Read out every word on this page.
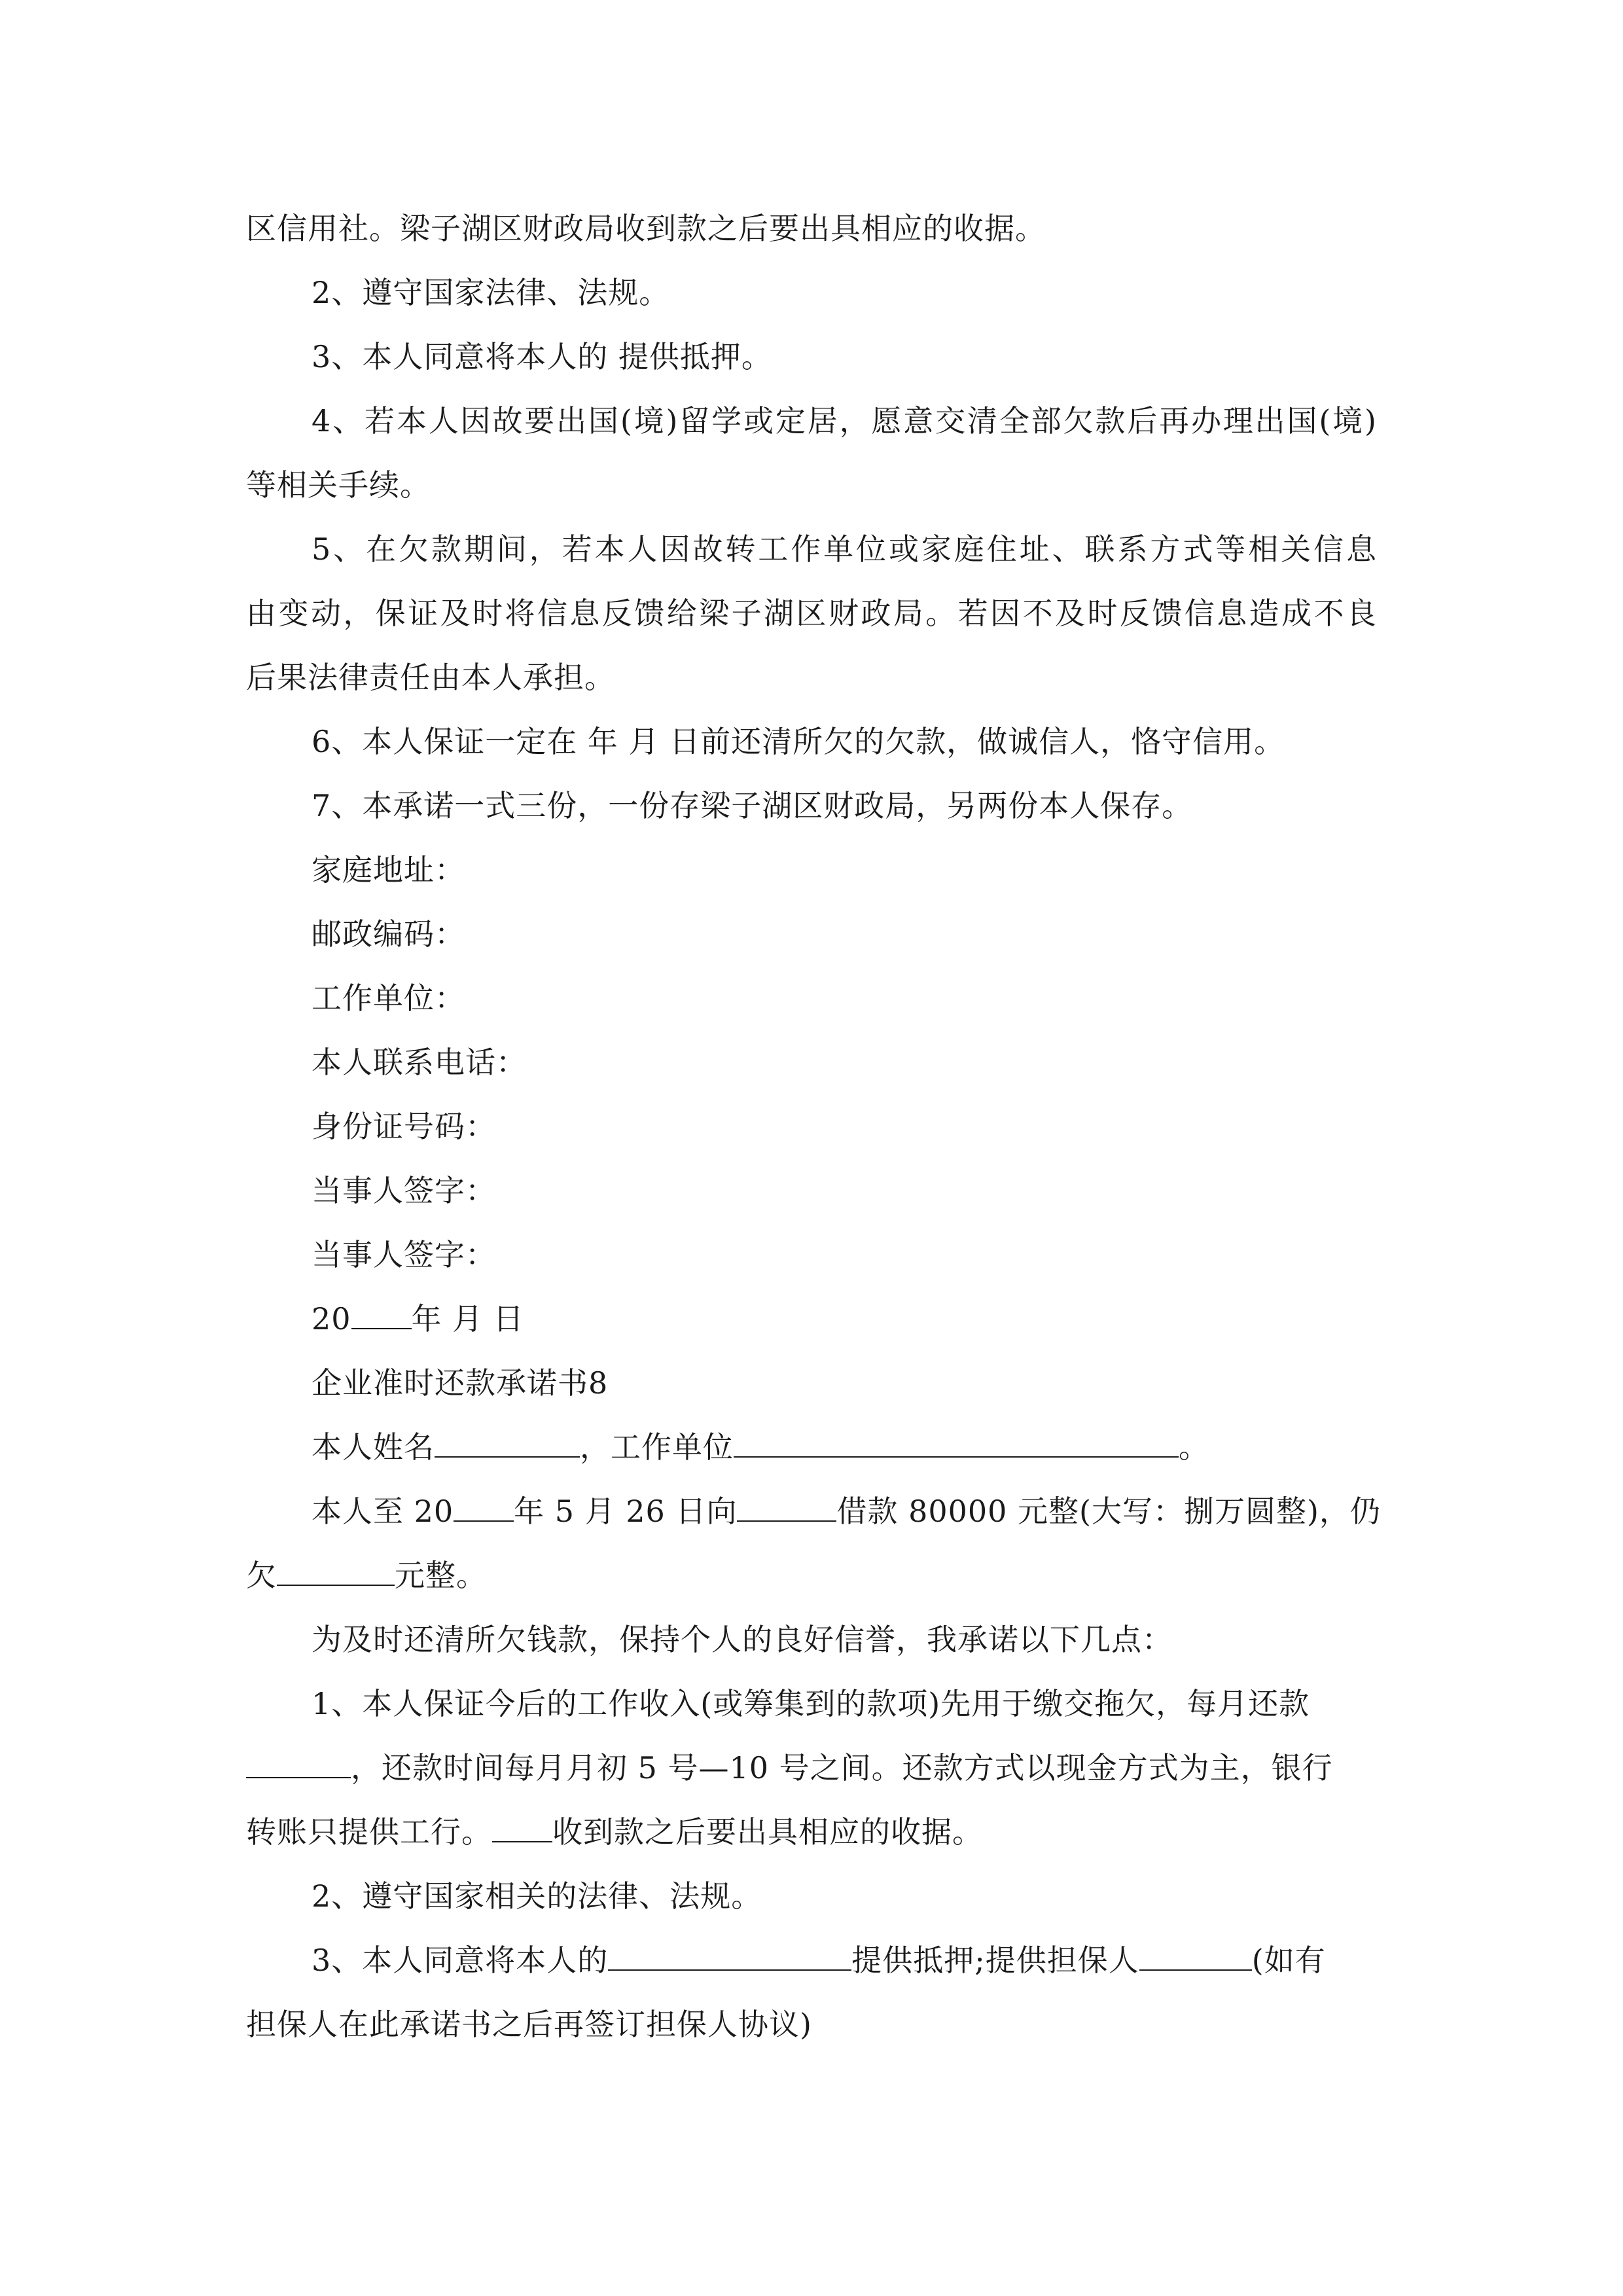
区信用社。梁子湖区财政局收到款之后要出具相应的收据。
2、遵守国家法律、法规。
3、本人同意将本人的 提供抵押。
4、若本人因故要出国(境)留学或定居，愿意交清全部欠款后再办理出国(境)
等相关手续。
5、在欠款期间，若本人因故转工作单位或家庭住址、联系方式等相关信息
由变动，保证及时将信息反馈给梁子湖区财政局。若因不及时反馈信息造成不良
后果法律责任由本人承担。
6、本人保证一定在 年 月 日前还清所欠的欠款，做诚信人，恪守信用。
7、本承诺一式三份，一份存梁子湖区财政局，另两份本人保存。
家庭地址：
邮政编码：
工作单位：
本人联系电话：
身份证号码：
当事人签字：
当事人签字：
20 年 月 日
企业准时还款承诺书8
本人姓名	，工作单位	。
本人至 20 年 5 月 26 日向	借款 80000 元整(大写：捌万圆整)，仍
欠	元整。
为及时还清所欠钱款，保持个人的良好信誉，我承诺以下几点：
1、本人保证今后的工作收入(或筹集到的款项)先用于缴交拖欠，每月还款
，还款时间每月月初 5 号—10 号之间。还款方式以现金方式为主，银行
转账只提供工行。 收到款之后要出具相应的收据。
2、遵守国家相关的法律、法规。
3、本人同意将本人的	提供抵押;提供担保人	(如有
担保人在此承诺书之后再签订担保人协议)
